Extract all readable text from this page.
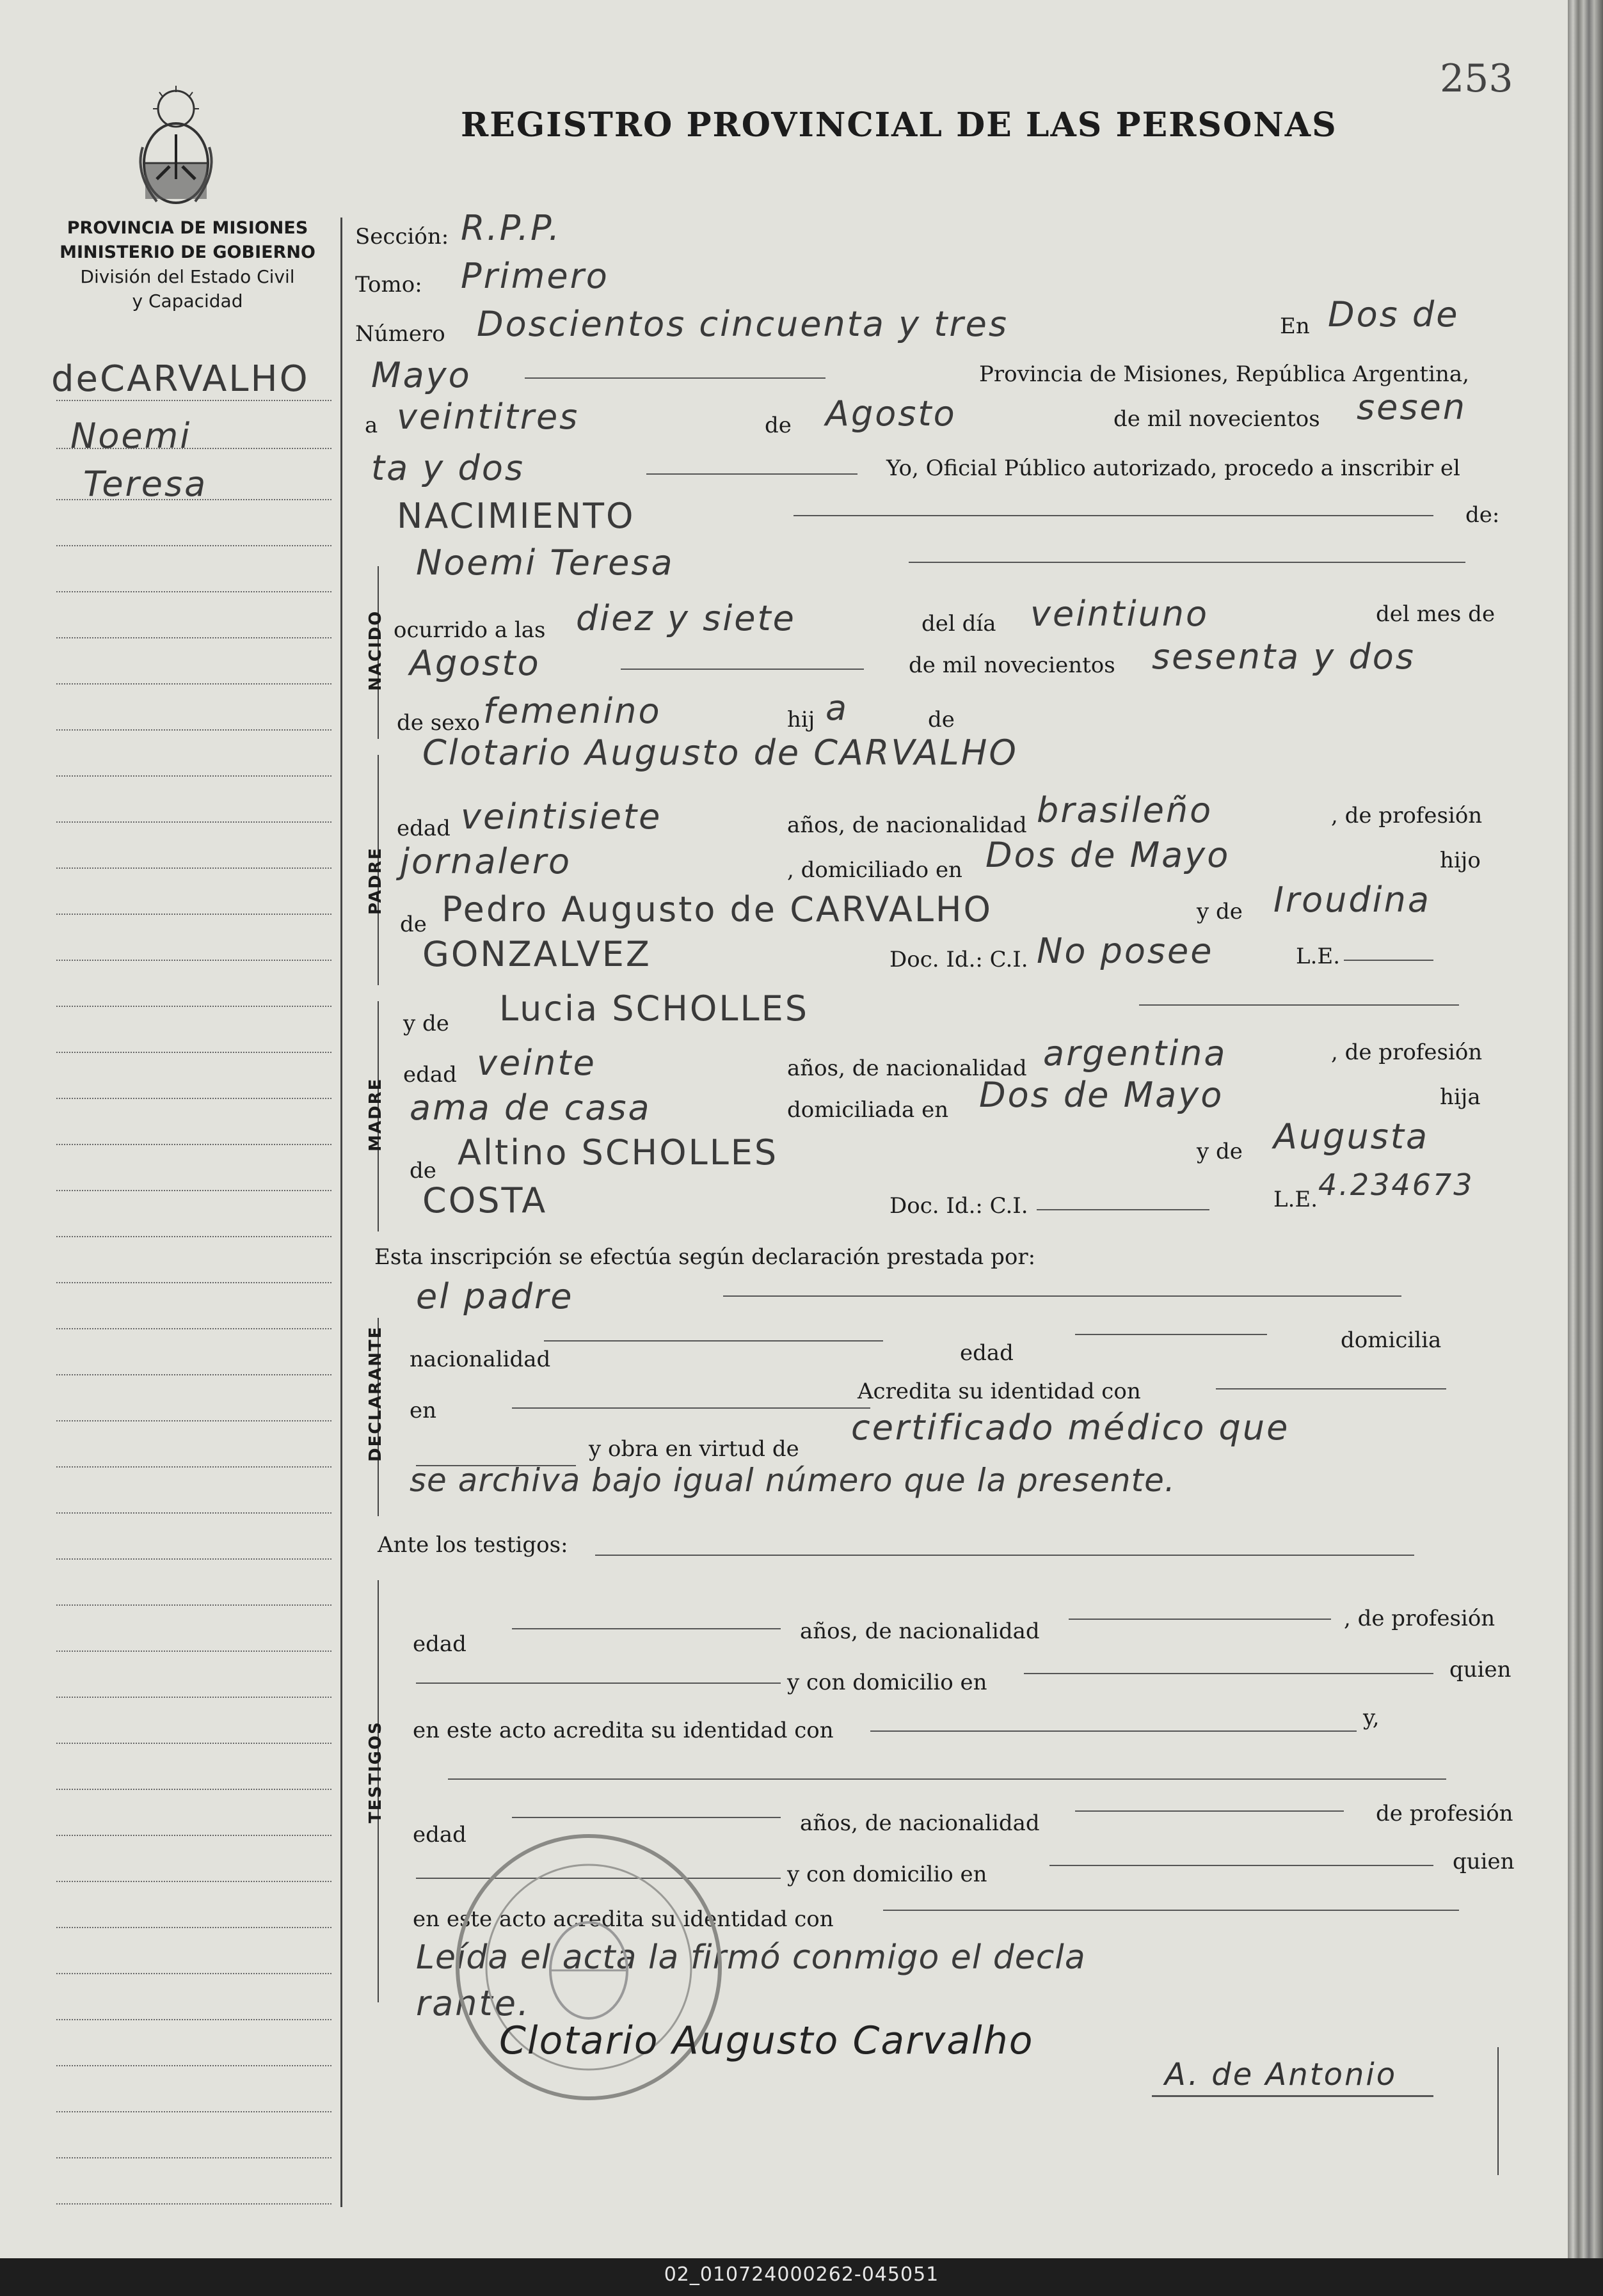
253
REGISTRO PROVINCIAL DE LAS PERSONAS
PROVINCIA DE MISIONES
MINISTERIO DE GOBIERNO
División del Estado Civil
y Capacidad
deCARVALHO
Noemi
Teresa
NACIDO
PADRE
MADRE
DECLARANTE
TESTIGOS
Sección: R.P.P.
Tomo: Primero
Número Doscientos cincuenta y tres	En Dos de
Mayo	Provincia de Misiones, República Argentina,
a veintitres	de Agosto	de mil novecientos sesen
ta y dos	Yo, Oficial Público autorizado, procedo a inscribir el
NACIMIENTO	de:
Noemi Teresa
ocurrido a las diez y siete	del día veintiuno	del mes de
Agosto	de mil novecientos sesenta y dos
de sexo femenino	hij a	de
Clotario Augusto de CARVALHO
edad veintisiete	años, de nacionalidad brasileño	, de profesión
jornalero	, domiciliado en Dos de Mayo	hijo
de Pedro Augusto de CARVALHO	y de Iroudina
GONZALVEZ	Doc. Id.: C.I. No posee	L.E.
y de Lucia SCHOLLES
edad veinte	años, de nacionalidad argentina	, de profesión
ama de casa	domiciliada en Dos de Mayo	hija
de Altino SCHOLLES	y de Augusta
COSTA	Doc. Id.: C.I.	L.E. 4.234673
Esta inscripción se efectúa según declaración prestada por:
el padre
nacionalidad	edad	domicilia
en
Acredita su identidad con
y obra en virtud de
certificado médico que
se archiva bajo igual número que la presente.
Ante los testigos:
edad	años, de nacionalidad	, de profesión
y con domicilio en	quien
en este acto acredita su identidad con	y,
edad	años, de nacionalidad	de profesión
y con domicilio en	quien
en este acto acredita su identidad con
Leída el acta la firmó conmigo el decla
rante.
Clotario Augusto Carvalho
A. de Antonio
02_010724000262-045051
